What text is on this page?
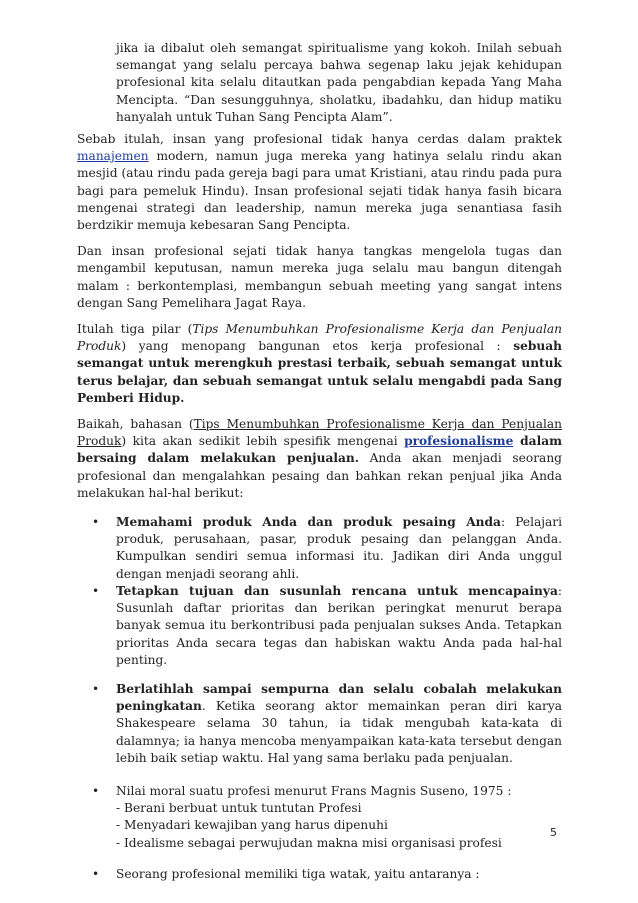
jika ia dibalut oleh semangat spiritualisme yang kokoh. Inilah sebuah semangat yang selalu percaya bahwa segenap laku jejak kehidupan profesional kita selalu ditautkan pada pengabdian kepada Yang Maha Mencipta. “Dan sesungguhnya, sholatku, ibadahku, dan hidup matiku hanyalah untuk Tuhan Sang Pencipta Alam”.

Sebab itulah, insan yang profesional tidak hanya cerdas dalam praktek manajemen modern, namun juga mereka yang hatinya selalu rindu akan mesjid (atau rindu pada gereja bagi para umat Kristiani, atau rindu pada pura bagi para pemeluk Hindu). Insan profesional sejati tidak hanya fasih bicara mengenai strategi dan leadership, namun mereka juga senantiasa fasih berdzikir memuja kebesaran Sang Pencipta.

Dan insan profesional sejati tidak hanya tangkas mengelola tugas dan mengambil keputusan, namun mereka juga selalu mau bangun ditengah malam : berkontemplasi, membangun sebuah meeting yang sangat intens dengan Sang Pemelihara Jagat Raya.

Itulah tiga pilar (Tips Menumbuhkan Profesionalisme Kerja dan Penjualan Produk) yang menopang bangunan etos kerja profesional : sebuah semangat untuk merengkuh prestasi terbaik, sebuah semangat untuk terus belajar, dan sebuah semangat untuk selalu mengabdi pada Sang Pemberi Hidup.

Baikah, bahasan (Tips Menumbuhkan Profesionalisme Kerja dan Penjualan Produk) kita akan sedikit lebih spesifik mengenai profesionalisme dalam bersaing dalam melakukan penjualan. Anda akan menjadi seorang profesional dan mengalahkan pesaing dan bahkan rekan penjual jika Anda melakukan hal-hal berikut:

• Memahami produk Anda dan produk pesaing Anda: Pelajari produk, perusahaan, pasar, produk pesaing dan pelanggan Anda. Kumpulkan sendiri semua informasi itu. Jadikan diri Anda unggul dengan menjadi seorang ahli.
• Tetapkan tujuan dan susunlah rencana untuk mencapainya: Susunlah daftar prioritas dan berikan peringkat menurut berapa banyak semua itu berkontribusi pada penjualan sukses Anda. Tetapkan prioritas Anda secara tegas dan habiskan waktu Anda pada hal-hal penting.
• Berlatihlah sampai sempurna dan selalu cobalah melakukan peningkatan. Ketika seorang aktor memainkan peran diri karya Shakespeare selama 30 tahun, ia tidak mengubah kata-kata di dalamnya; ia hanya mencoba menyampaikan kata-kata tersebut dengan lebih baik setiap waktu. Hal yang sama berlaku pada penjualan.
• Nilai moral suatu profesi menurut Frans Magnis Suseno, 1975 :
- Berani berbuat untuk tuntutan Profesi
- Menyadari kewajiban yang harus dipenuhi
- Idealisme sebagai perwujudan makna misi organisasi profesi
• Seorang profesional memiliki tiga watak, yaitu antaranya :
5
